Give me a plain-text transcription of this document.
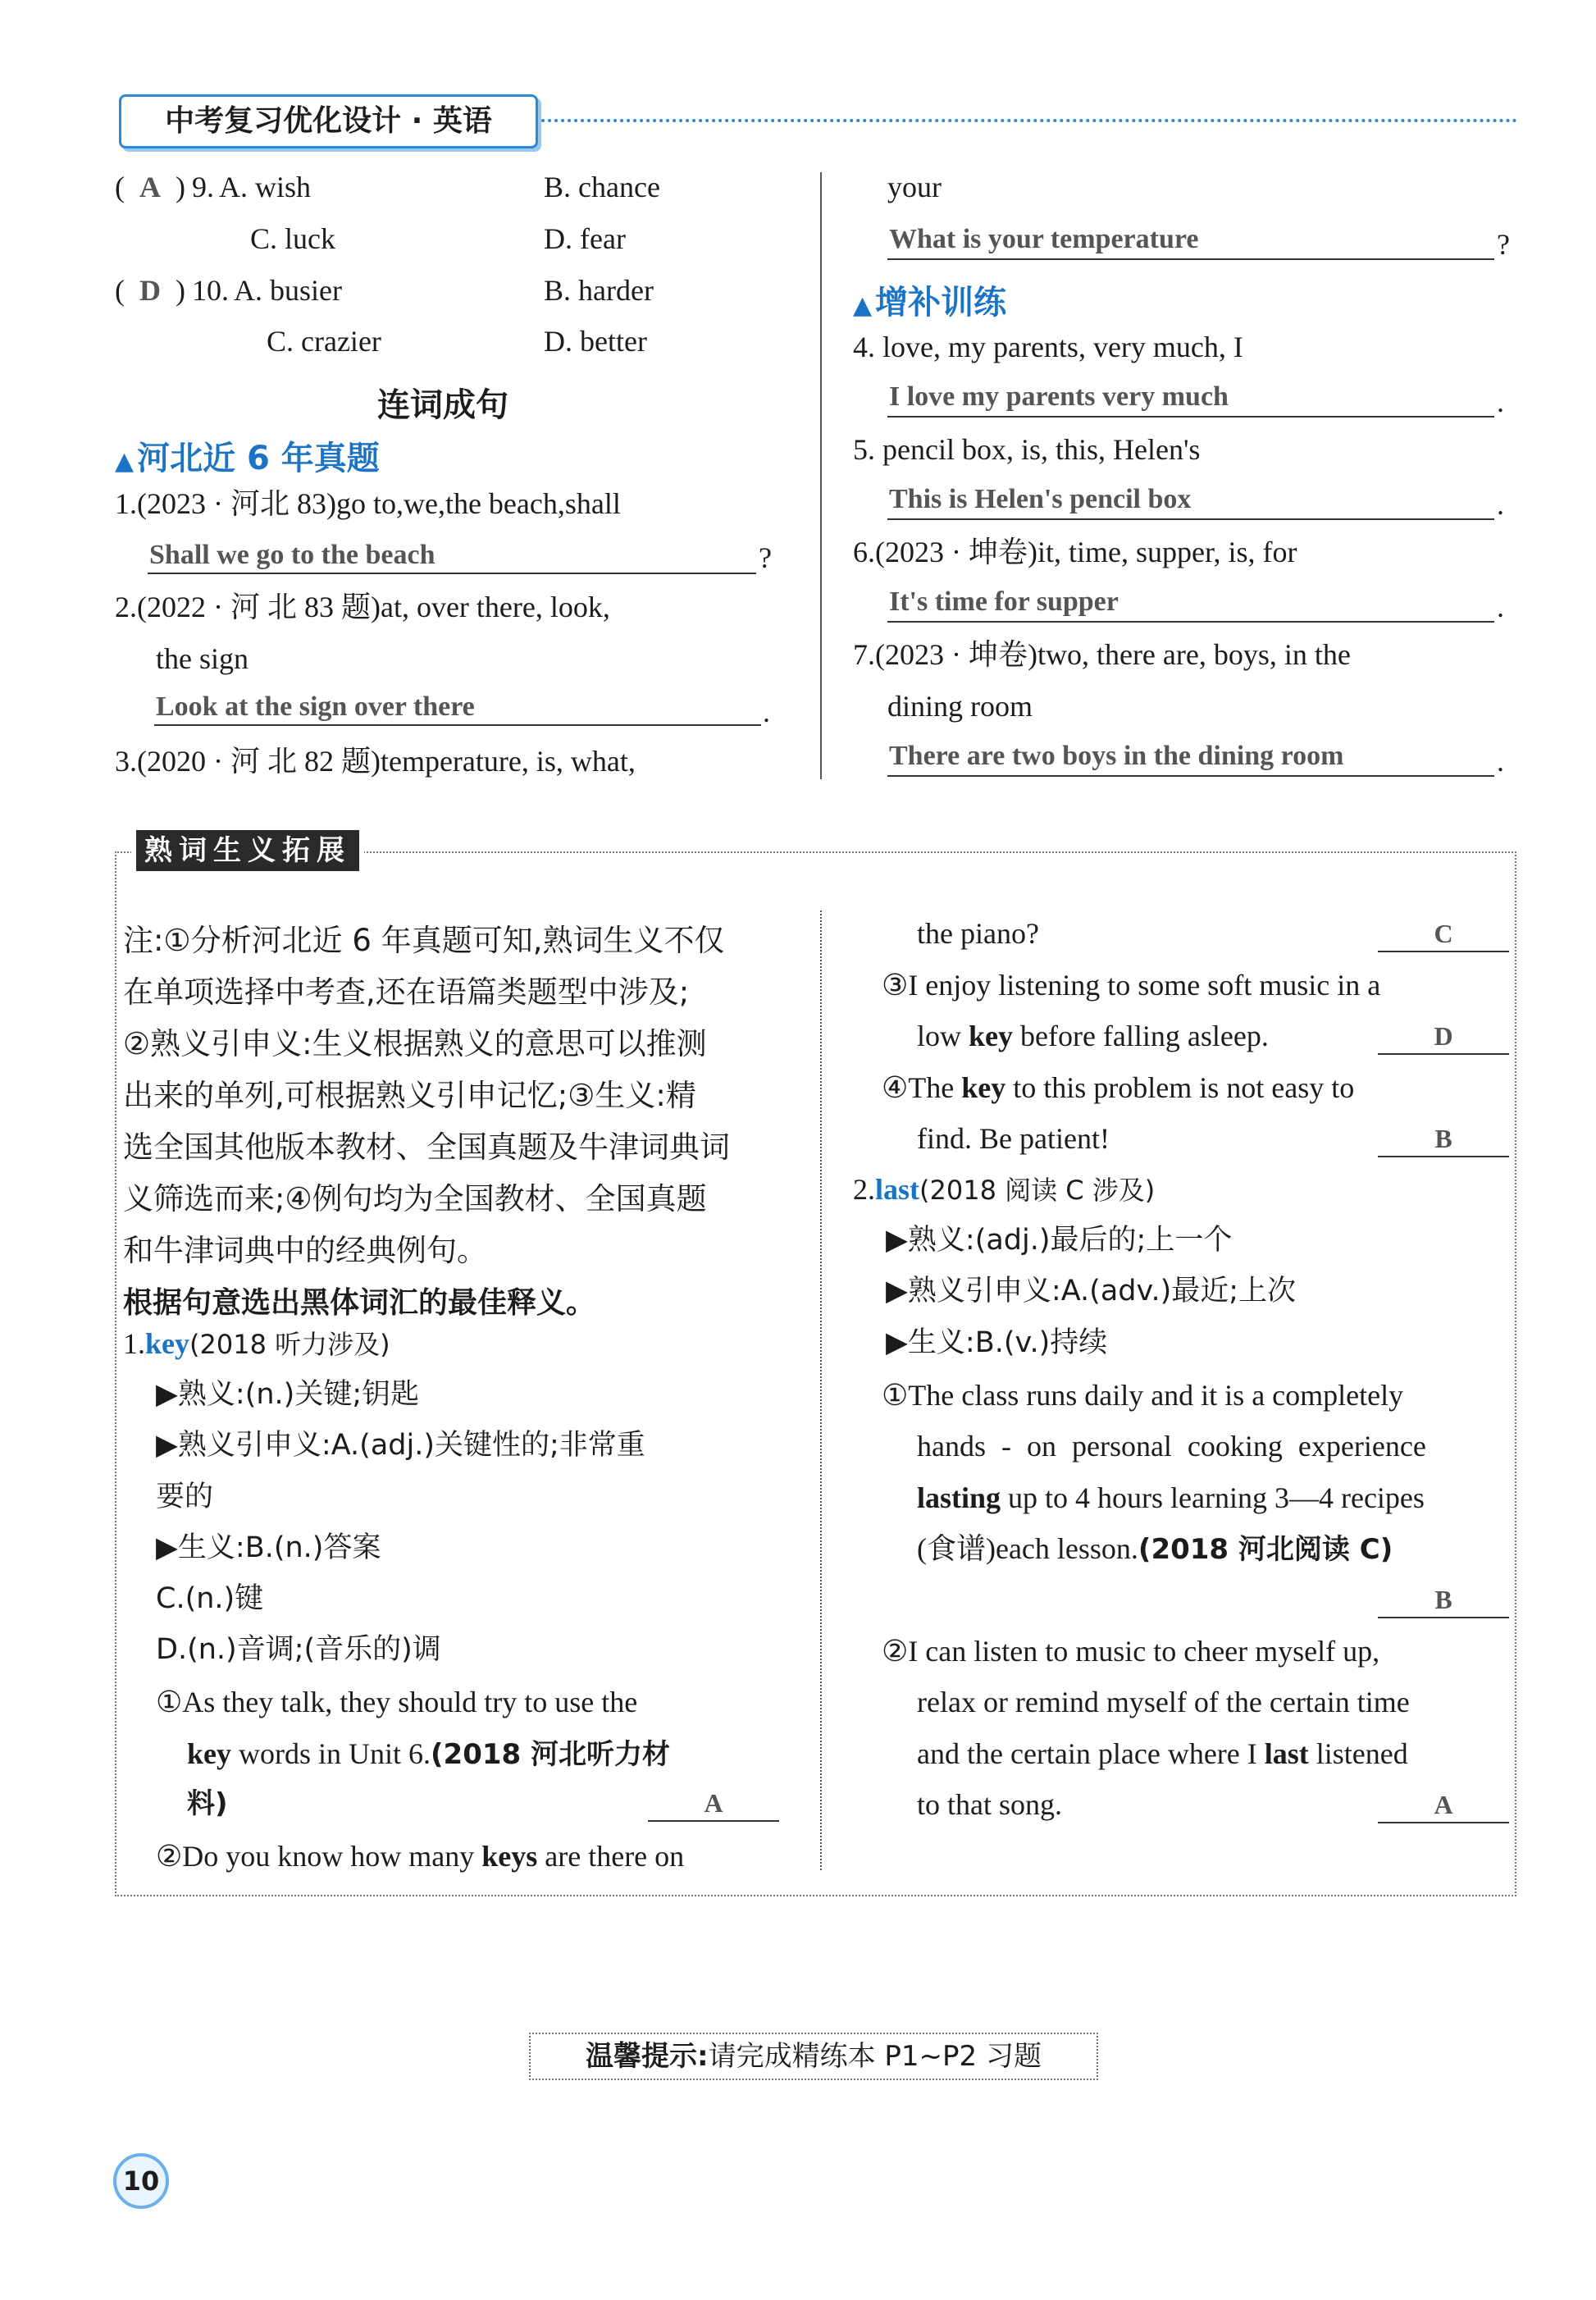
中考复习优化设计 · 英语
( A ) 9. A. wish	B. chance
C. luck	D. fear
( D ) 10. A. busier	B. harder
C. crazier	D. better
连词成句
▲ 河北近 6 年真题
1.(2023 · 河北 83)go to,we,the beach,shall
Shall we go to the beach	?
2.(2022 · 河 北 83 题)at, over there, look,
the sign
Look at the sign over there	.
3.(2020 · 河 北 82 题)temperature, is, what,
your
What is your temperature	?
▲ 增补训练
4. love, my parents, very much, I
I love my parents very much	.
5. pencil box, is, this, Helen's
This is Helen's pencil box	.
6.(2023 · 坤卷)it, time, supper, is, for
It's time for supper	.
7.(2023 · 坤卷)two, there are, boys, in the
dining room
There are two boys in the dining room	.
熟词生义拓展
注:①分析河北近 6 年真题可知,熟词生义不仅
在单项选择中考查,还在语篇类题型中涉及;
②熟义引申义:生义根据熟义的意思可以推测
出来的单列,可根据熟义引申记忆;③生义:精
选全国其他版本教材、全国真题及牛津词典词
义筛选而来;④例句均为全国教材、全国真题
和牛津词典中的经典例句。
根据句意选出黑体词汇的最佳释义。
1.key(2018 听力涉及)
▶熟义:(n.)关键;钥匙
▶熟义引申义:A.(adj.)关键性的;非常重
要的
▶生义:B.(n.)答案
C.(n.)键
D.(n.)音调;(音乐的)调
①As they talk, they should try to use the
key words in Unit 6.(2018 河北听力材
料)	A
②Do you know how many keys are there on
the piano?	C
③I enjoy listening to some soft music in a
low key before falling asleep.	D
④The key to this problem is not easy to
find. Be patient!	B
2.last(2018 阅读 C 涉及)
▶熟义:(adj.)最后的;上一个
▶熟义引申义:A.(adv.)最近;上次
▶生义:B.(v.)持续
①The class runs daily and it is a completely
hands - on personal cooking experience
lasting up to 4 hours learning 3—4 recipes
(食谱)each lesson.(2018 河北阅读 C)
B
②I can listen to music to cheer myself up,
relax or remind myself of the certain time
and the certain place where I last listened
to that song.	A
温馨提示:请完成精练本 P1~P2 习题
10
